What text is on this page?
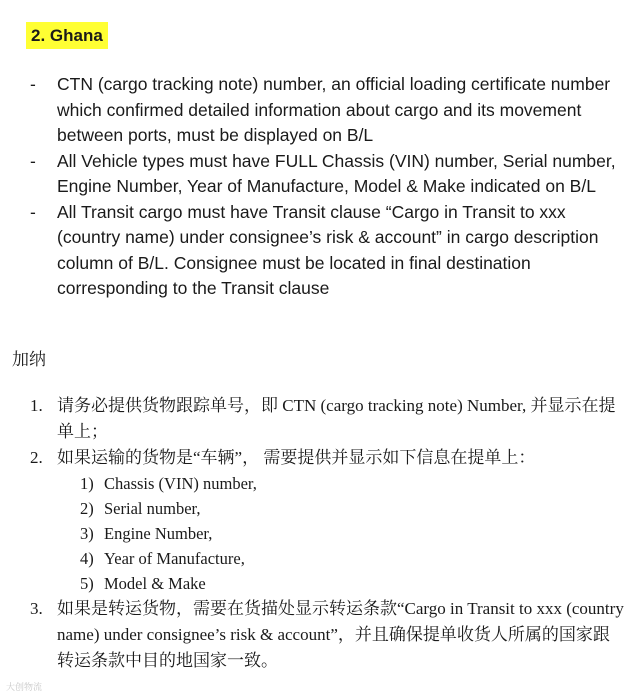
2. Ghana
- CTN (cargo tracking note) number, an official loading certificate number which confirmed detailed information about cargo and its movement between ports, must be displayed on B/L
- All Vehicle types must have FULL Chassis (VIN) number, Serial number, Engine Number, Year of Manufacture, Model & Make indicated on B/L
- All Transit cargo must have Transit clause “Cargo in Transit to xxx (country name) under consignee’s risk & account” in cargo description column of B/L. Consignee must be located in final destination corresponding to the Transit clause
加纳
1. 请务必提供货物跟踪单号，即 CTN (cargo tracking note) Number, 并显示在提单上；
2. 如果运输的货物是“车辆”， 需要提供并显示如下信息在提单上：
1) Chassis (VIN) number,
2) Serial number,
3) Engine Number,
4) Year of Manufacture,
5) Model & Make
3. 如果是转运货物，需要在货描处显示转运条款“Cargo in Transit to xxx (country name) under consignee’s risk & account”，并且确保提单收货人所属的国家跟转运条款中目的地国家一致。
大创物流
